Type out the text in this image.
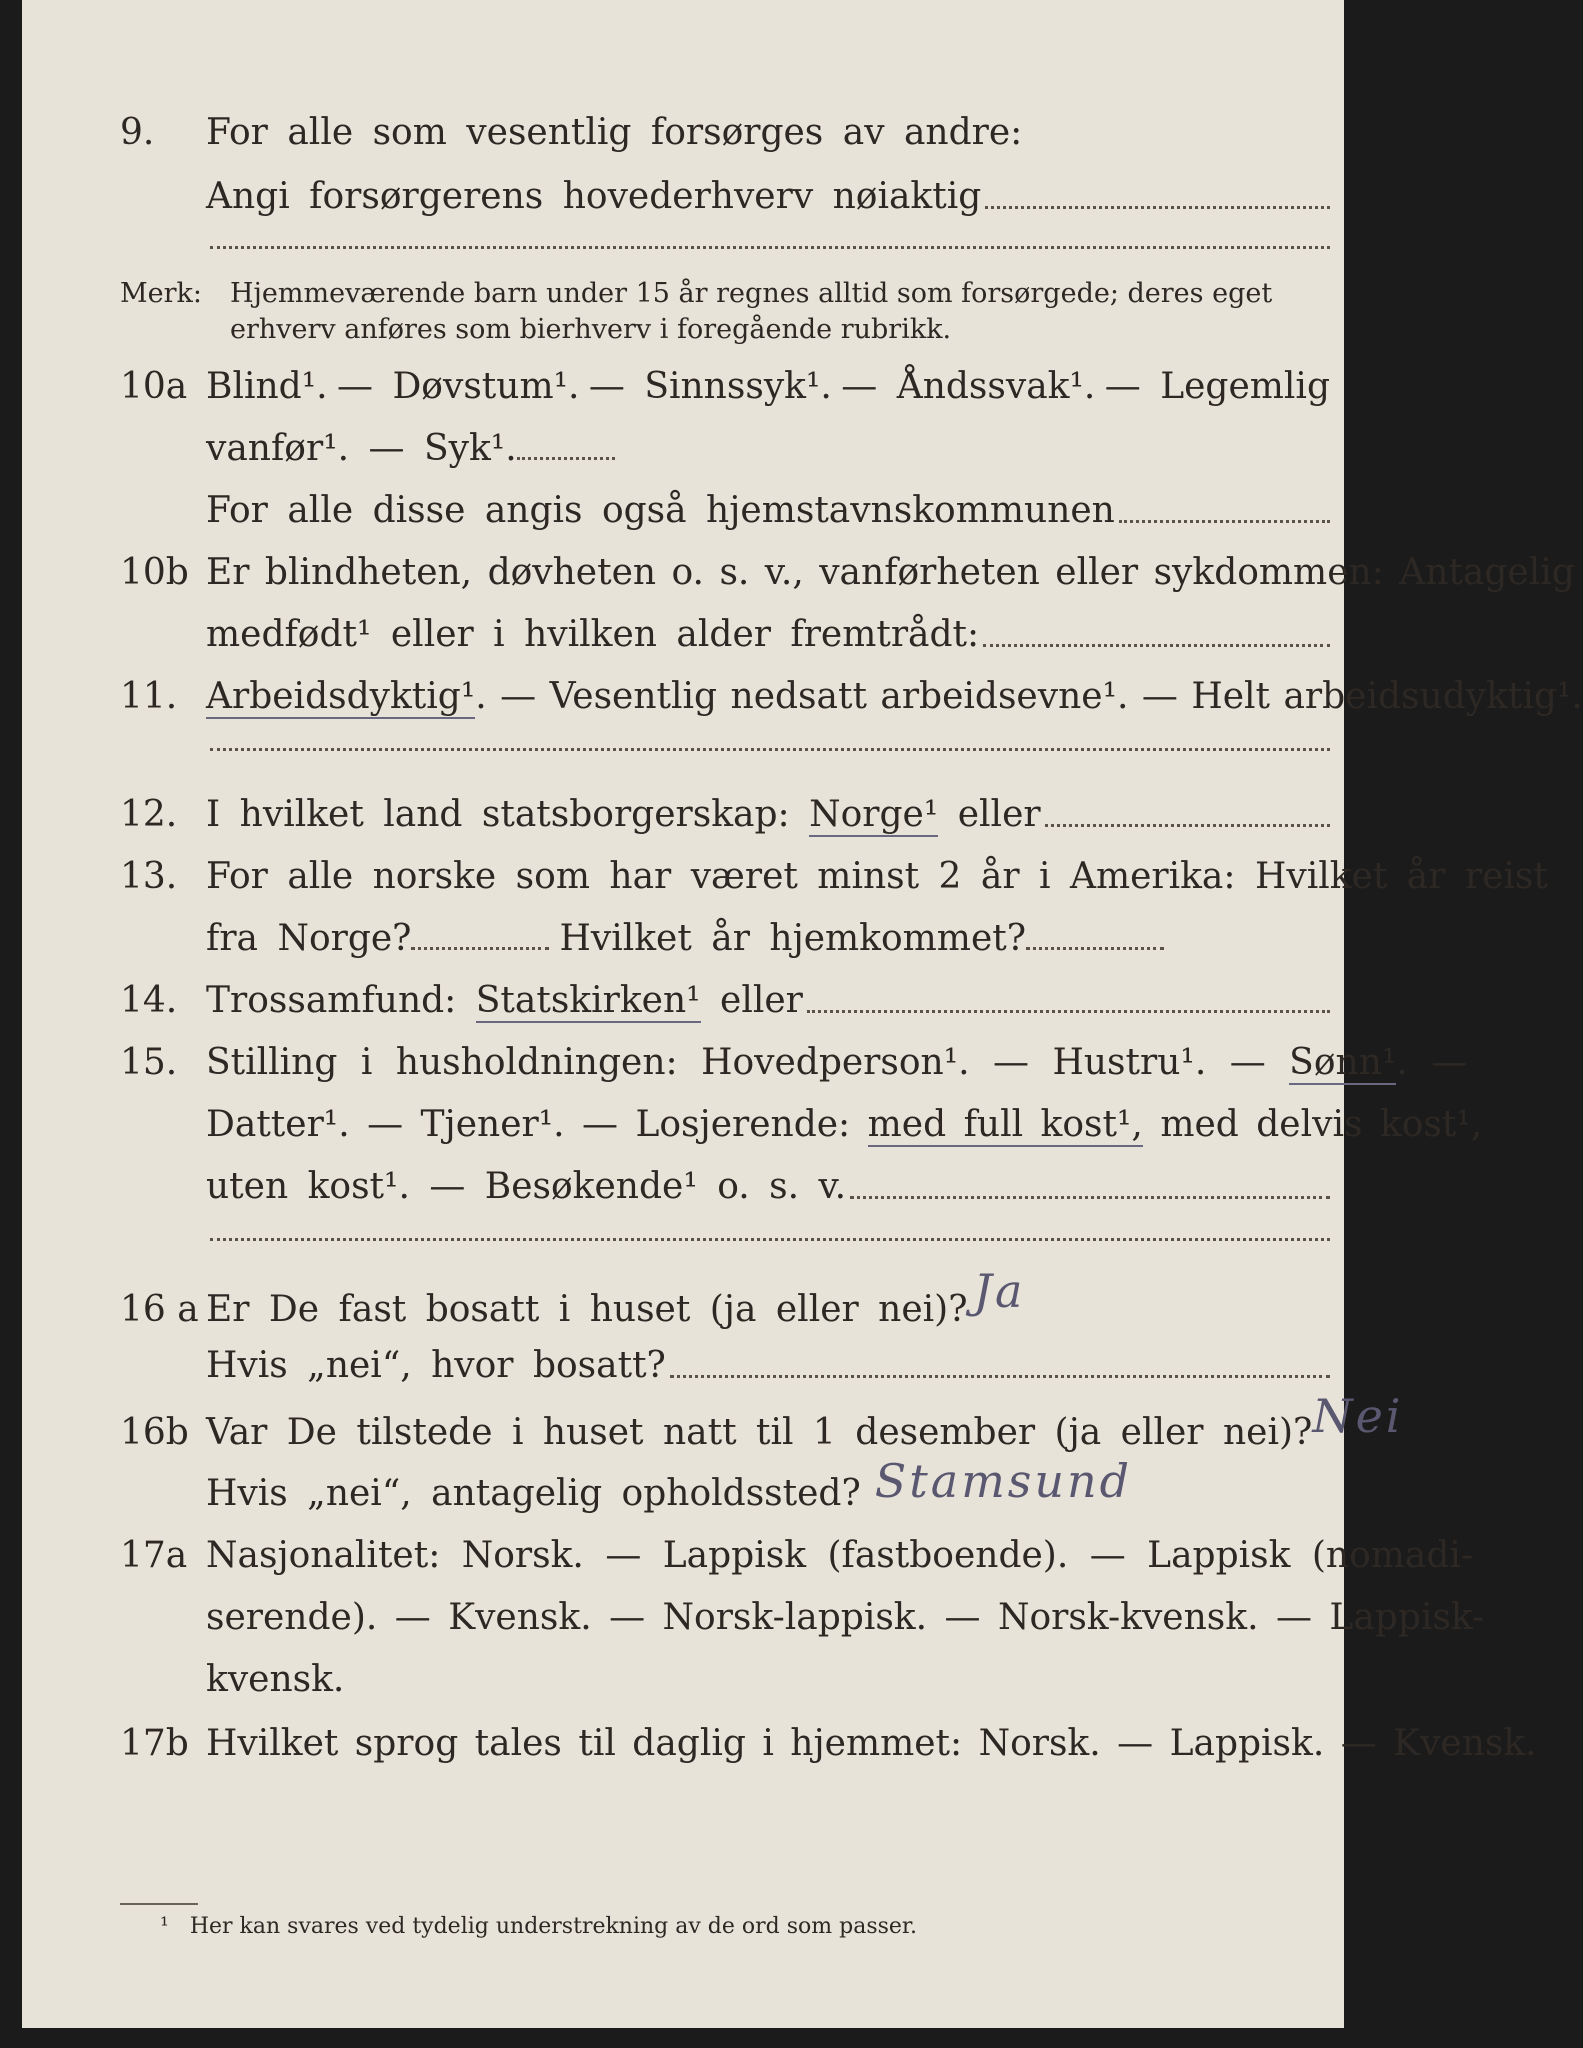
9.	For alle som vesentlig forsørges av andre:
Angi forsørgerens hovederhverv nøiaktig
Merk:	Hjemmeværende barn under 15 år regnes alltid som forsørgede; deres eget erhverv anføres som bierhverv i foregående rubrikk.
10a Blind¹. — Døvstum¹. — Sinnssyk¹. — Åndssvak¹. — Legemlig
vanfør¹. — Syk¹.
For alle disse angis også hjemstavnskommunen
10b Er blindheten, døvheten o. s. v., vanførheten eller sykdommen: Antagelig
medfødt¹ eller i hvilken alder fremtrådt:
11. Arbeidsdyktig¹. — Vesentlig nedsatt arbeidsevne¹. — Helt arbeidsudyktig¹.
12. I hvilket land statsborgerskap: Norge¹ eller
13. For alle norske som har været minst 2 år i Amerika: Hvilket år reist
fra Norge?	Hvilket år hjemkommet?
14. Trossamfund: Statskirken¹ eller
15. Stilling i husholdningen: Hovedperson¹. — Hustru¹. — Sønn¹. —
Datter¹. — Tjener¹. — Losjerende: med full kost¹, med delvis kost¹,
uten kost¹. — Besøkende¹ o. s. v.
16 a Er De fast bosatt i huset (ja eller nei)? Ja
Hvis „nei“, hvor bosatt?
16b Var De tilstede i huset natt til 1 desember (ja eller nei)? Nei
Hvis „nei“, antagelig opholdssted? Stamsund
17a Nasjonalitet: Norsk. — Lappisk (fastboende). — Lappisk (nomadi-
serende). — Kvensk. — Norsk-lappisk. — Norsk-kvensk. — Lappisk-
kvensk.
17b Hvilket sprog tales til daglig i hjemmet: Norsk. — Lappisk. — Kvensk.
¹ Her kan svares ved tydelig understrekning av de ord som passer.
